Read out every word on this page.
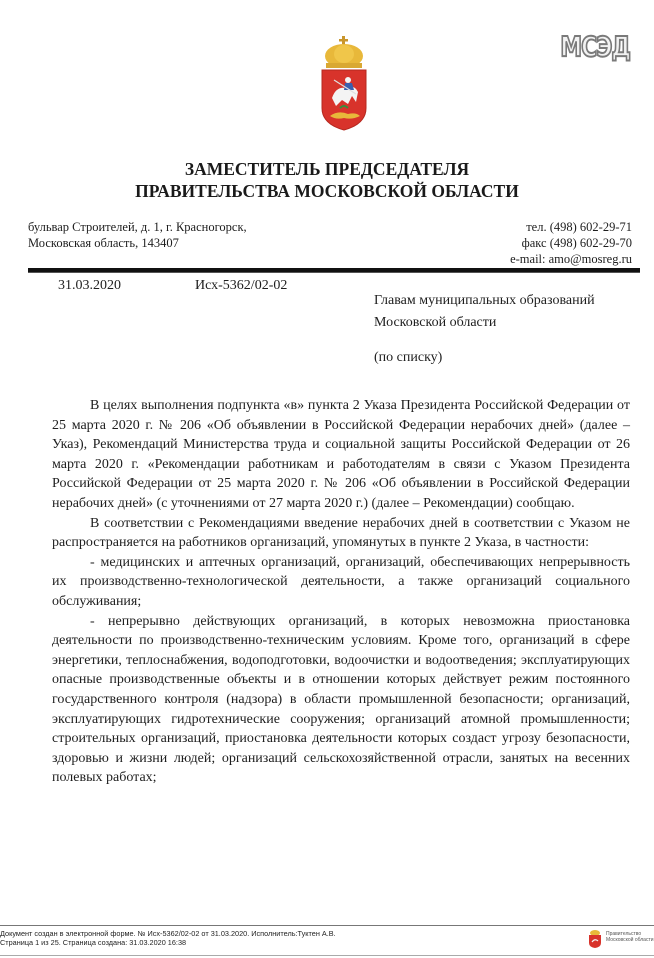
МСЭД
ЗАМЕСТИТЕЛЬ ПРЕДСЕДАТЕЛЯ
ПРАВИТЕЛЬСТВА МОСКОВСКОЙ ОБЛАСТИ
бульвар Строителей, д. 1, г. Красногорск,
Московская область, 143407
тел. (498) 602-29-71
факс (498) 602-29-70
e-mail: amo@mosreg.ru
31.03.2020	Исх-5362/02-02
Главам муниципальных образований
Московской области
(по списку)

В целях выполнения подпункта «в» пункта 2 Указа Президента Российской Федерации от 25 марта 2020 г. № 206 «Об объявлении в Российской Федерации нерабочих дней» (далее – Указ), Рекомендаций Министерства труда и социальной защиты Российской Федерации от 26 марта 2020 г. «Рекомендации работникам и работодателям в связи с Указом Президента Российской Федерации от 25 марта 2020 г. № 206 «Об объявлении в Российской Федерации нерабочих дней» (с уточнениями от 27 марта 2020 г.) (далее – Рекомендации) сообщаю.

В соответствии с Рекомендациями введение нерабочих дней в соответствии с Указом не распространяется на работников организаций, упомянутых в пункте 2 Указа, в частности:

- медицинских и аптечных организаций, организаций, обеспечивающих непрерывность их производственно-технологической деятельности, а также организаций социального обслуживания;

- непрерывно действующих организаций, в которых невозможна приостановка деятельности по производственно-техническим условиям. Кроме того, организаций в сфере энергетики, теплоснабжения, водоподготовки, водоочистки и водоотведения; эксплуатирующих опасные производственные объекты и в отношении которых действует режим постоянного государственного контроля (надзора) в области промышленной безопасности; организаций, эксплуатирующих гидротехнические сооружения; организаций атомной промышленности; строительных организаций, приостановка деятельности которых создаст угрозу безопасности, здоровью и жизни людей; организаций сельскохозяйственной отрасли, занятых на весенних полевых работах;

Документ создан в электронной форме. № Исх-5362/02-02 от 31.03.2020. Исполнитель:Туктен А.В.
Страница 1 из 25. Страница создана: 31.03.2020 16:38
Правительство
Московской области
